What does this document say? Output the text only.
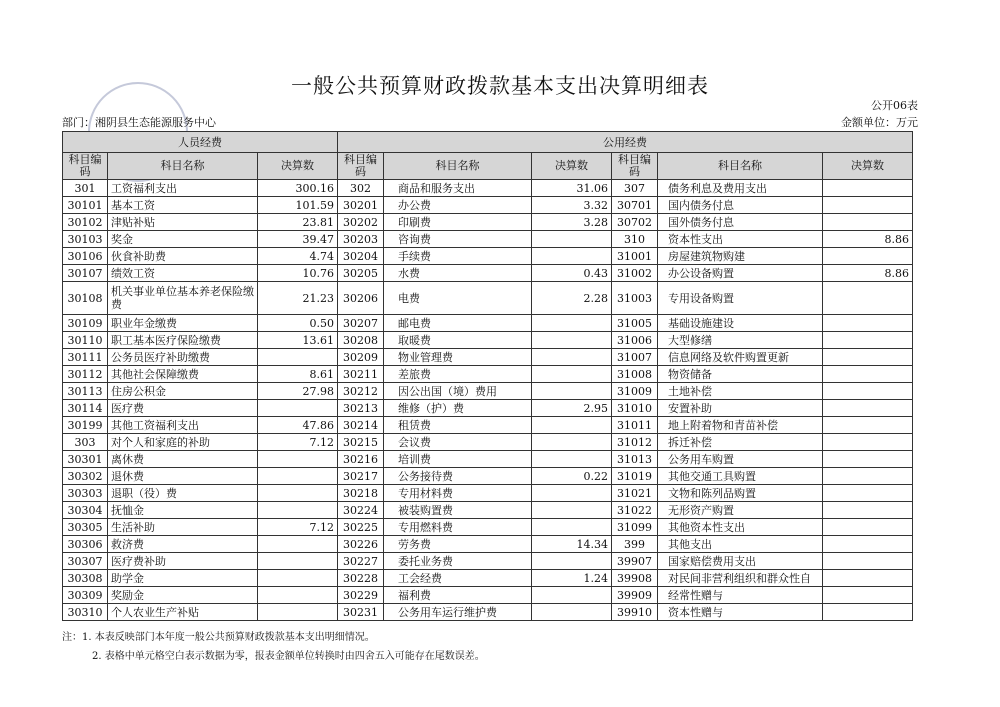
一般公共预算财政拨款基本支出决算明细表
公开06表
部门：湘阴县生态能源服务中心	金额单位：万元
人员经费			公用经费					
科目编码	科目名称	决算数	科目编码	科目名称	决算数	科目编码	科目名称	决算数
301	工资福利支出	300.16	302	商品和服务支出	31.06	307	债务利息及费用支出	
30101	基本工资	101.59	30201	办公费	3.32	30701	国内债务付息	
30102	津贴补贴	23.81	30202	印刷费	3.28	30702	国外债务付息	
30103	奖金	39.47	30203	咨询费		310	资本性支出	8.86
30106	伙食补助费	4.74	30204	手续费		31001	房屋建筑物购建	
30107	绩效工资	10.76	30205	水费	0.43	31002	办公设备购置	8.86
30108	机关事业单位基本养老保险缴费	21.23	30206	电费	2.28	31003	专用设备购置	
30109	职业年金缴费	0.50	30207	邮电费		31005	基础设施建设	
30110	职工基本医疗保险缴费	13.61	30208	取暖费		31006	大型修缮	
30111	公务员医疗补助缴费		30209	物业管理费		31007	信息网络及软件购置更新	
30112	其他社会保障缴费	8.61	30211	差旅费		31008	物资储备	
30113	住房公积金	27.98	30212	因公出国（境）费用		31009	土地补偿	
30114	医疗费		30213	维修（护）费	2.95	31010	安置补助	
30199	其他工资福利支出	47.86	30214	租赁费		31011	地上附着物和青苗补偿	
303	对个人和家庭的补助	7.12	30215	会议费		31012	拆迁补偿	
30301	离休费		30216	培训费		31013	公务用车购置	
30302	退休费		30217	公务接待费	0.22	31019	其他交通工具购置	
30303	退职（役）费		30218	专用材料费		31021	文物和陈列品购置	
30304	抚恤金		30224	被装购置费		31022	无形资产购置	
30305	生活补助	7.12	30225	专用燃料费		31099	其他资本性支出	
30306	救济费		30226	劳务费	14.34	399	其他支出	
30307	医疗费补助		30227	委托业务费		39907	国家赔偿费用支出	
30308	助学金		30228	工会经费	1.24	39908	对民间非营利组织和群众性自	
30309	奖励金		30229	福利费		39909	经常性赠与	
30310	个人农业生产补贴		30231	公务用车运行维护费		39910	资本性赠与	
注：1. 本表反映部门本年度一般公共预算财政拨款基本支出明细情况。
2. 表格中单元格空白表示数据为零，报表金额单位转换时由四舍五入可能存在尾数误差。
